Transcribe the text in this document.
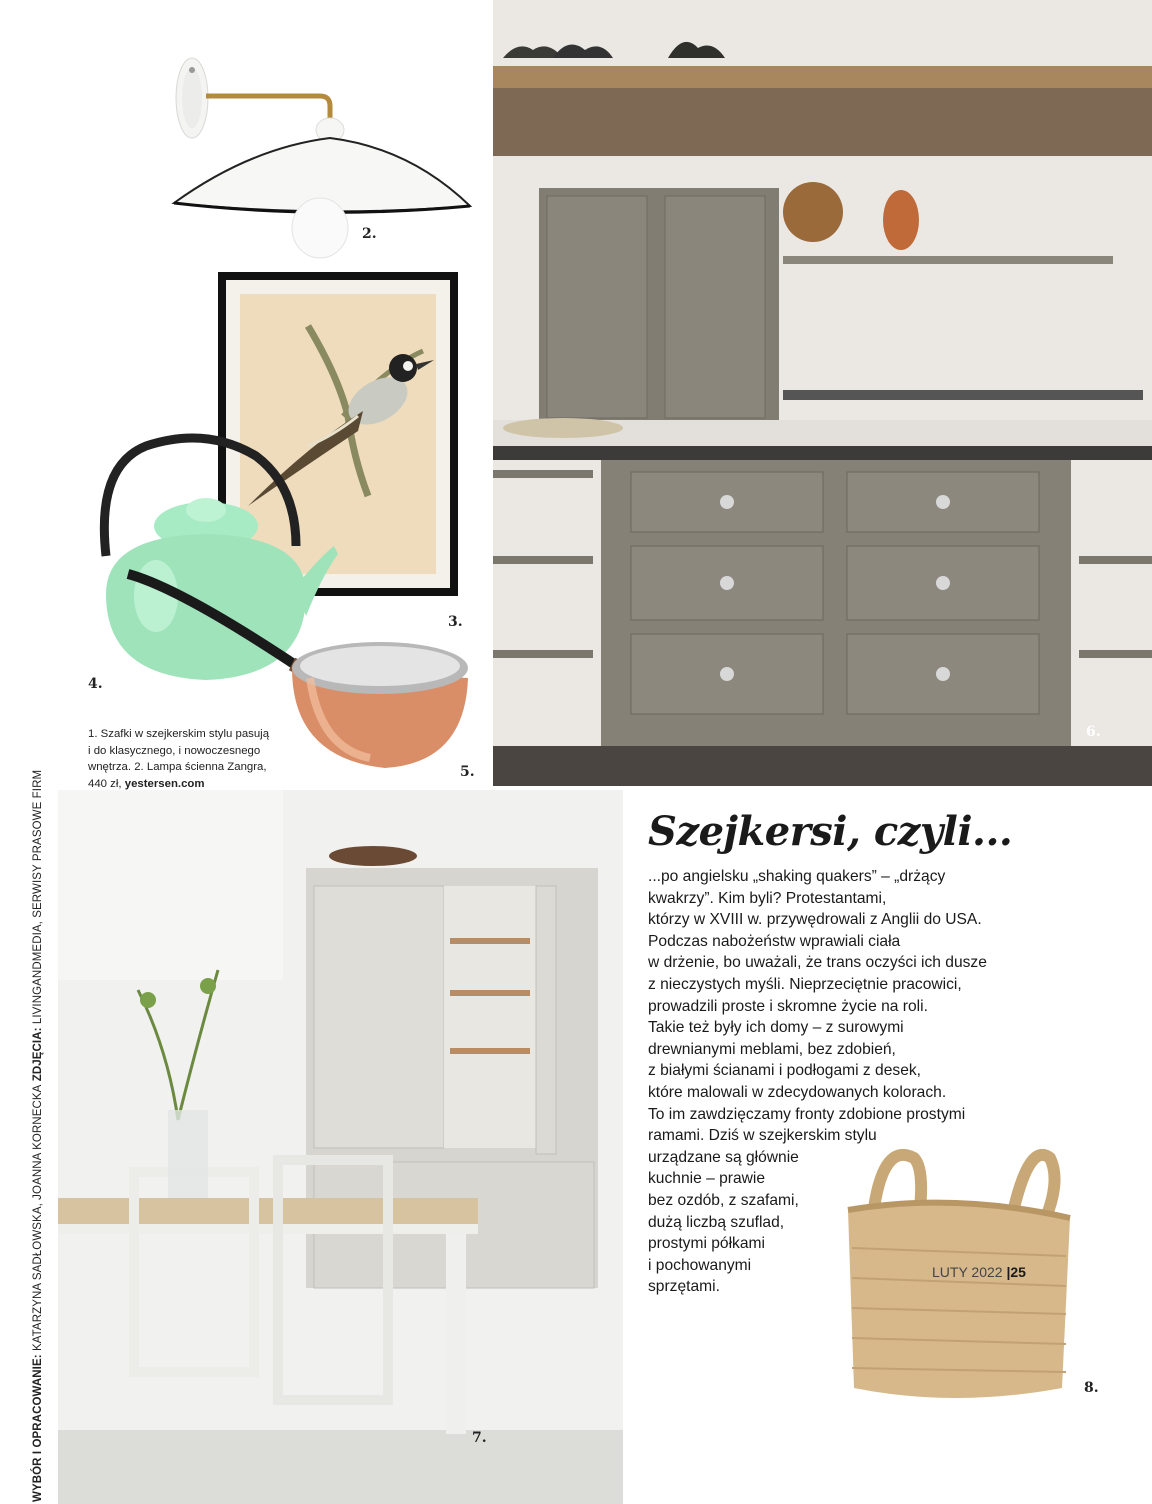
WYBÓR I OPRACOWANIE: KATARZYNA SADŁOWSKA, JOANNA KORNECKA ZDJĘCIA: LIVINGANDMEDIA, SERWISY PRASOWE FIRM
2.
3.
4.
5.
6.
1. Szafki w szejkerskim stylu pasują
i do klasycznego, i nowoczesnego
wnętrza. 2. Lampa ścienna Zangra,
440 zł, yestersen.com
7.
Szejkersi, czyli...

...po angielsku „shaking quakers” – „drżący

kwakrzy”. Kim byli? Protestantami,

którzy w XVIII w. przywędrowali z Anglii do USA.

Podczas nabożeństw wprawiali ciała

w drżenie, bo uważali, że trans oczyści ich dusze

z nieczystych myśli. Nieprzeciętnie pracowici,

prowadzili proste i skromne życie na roli.

Takie też były ich domy – z surowymi

drewnianymi meblami, bez zdobień,

z białymi ścianami i podłogami z desek,

które malowali w zdecydowanych kolorach.

To im zawdzięczamy fronty zdobione prostymi

ramami. Dziś w szejkerskim stylu

urządzane są głównie

kuchnie – prawie

bez ozdób, z szafami,

dużą liczbą szuflad,

prostymi półkami

i pochowanymi

sprzętami.

8.
LUTY 2022 |25
